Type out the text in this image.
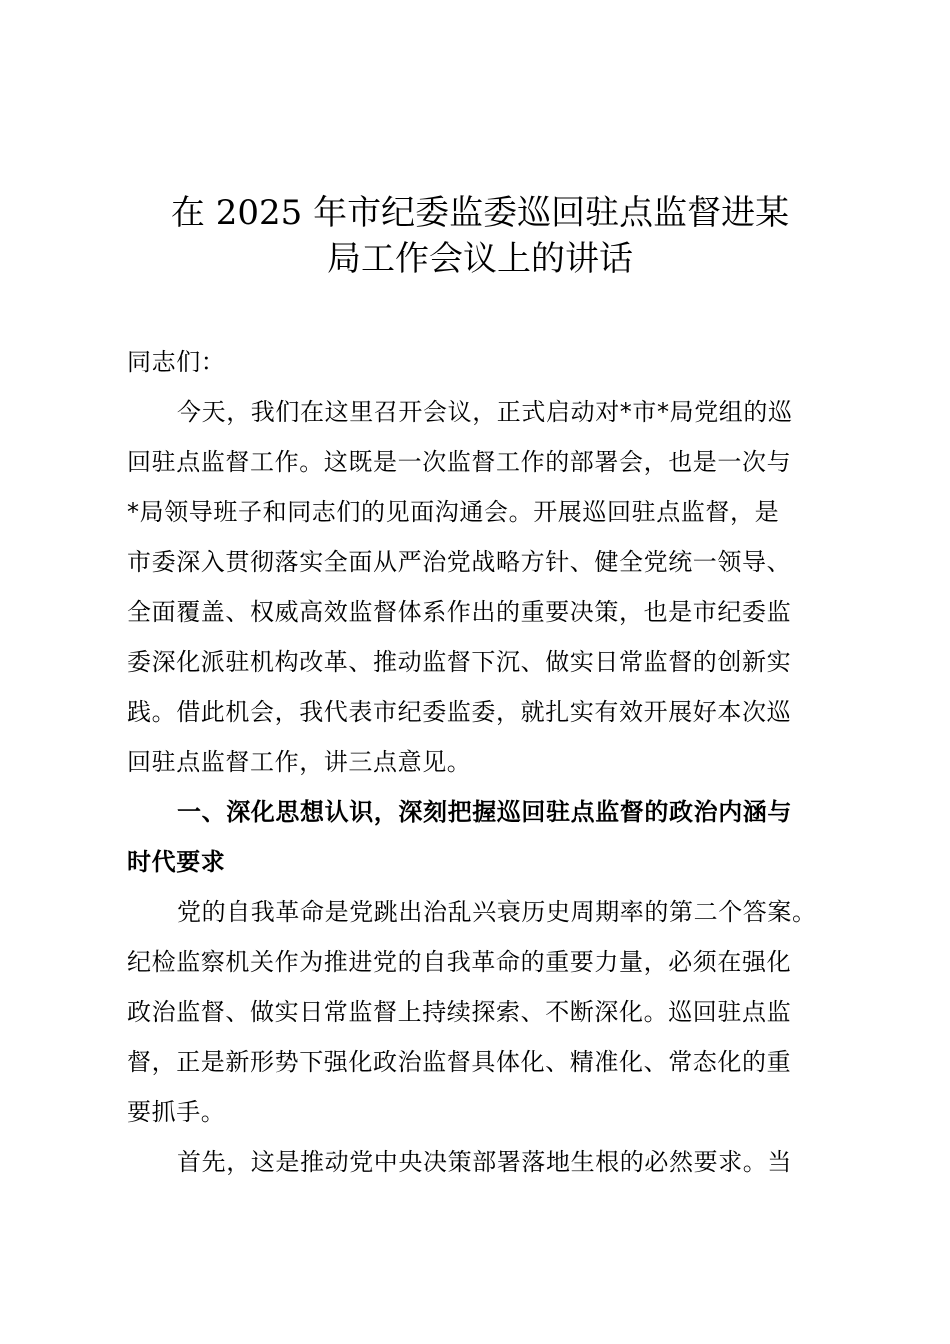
在 2025 年市纪委监委巡回驻点监督进某
局工作会议上的讲话
同志们：
今天，我们在这里召开会议，正式启动对*市*局党组的巡
回驻点监督工作。这既是一次监督工作的部署会，也是一次与
*局领导班子和同志们的见面沟通会。开展巡回驻点监督，是
市委深入贯彻落实全面从严治党战略方针、健全党统一领导、
全面覆盖、权威高效监督体系作出的重要决策，也是市纪委监
委深化派驻机构改革、推动监督下沉、做实日常监督的创新实
践。借此机会，我代表市纪委监委，就扎实有效开展好本次巡
回驻点监督工作，讲三点意见。
一、深化思想认识，深刻把握巡回驻点监督的政治内涵与
时代要求
党的自我革命是党跳出治乱兴衰历史周期率的第二个答案。
纪检监察机关作为推进党的自我革命的重要力量，必须在强化
政治监督、做实日常监督上持续探索、不断深化。巡回驻点监
督，正是新形势下强化政治监督具体化、精准化、常态化的重
要抓手。
首先，这是推动党中央决策部署落地生根的必然要求。当
